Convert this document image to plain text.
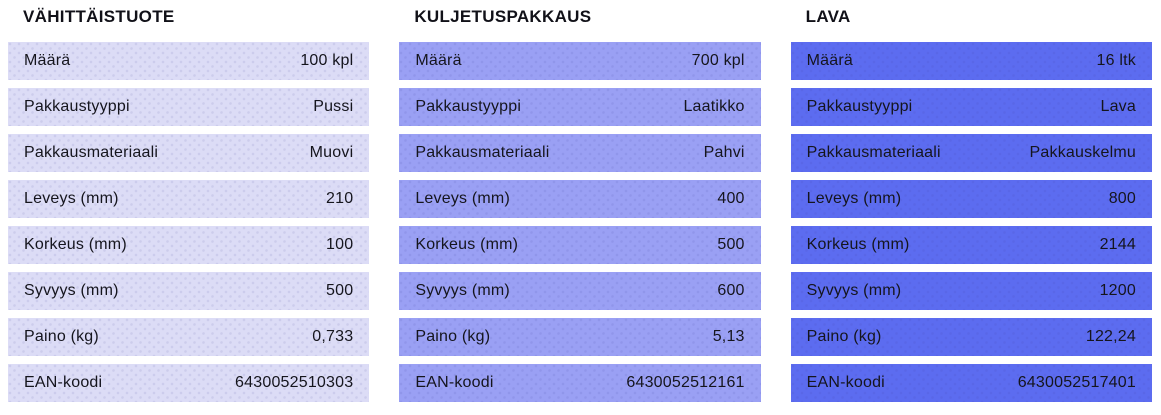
VÄHITTÄISTUOTE
Määrä	100 kpl
Pakkaustyyppi	Pussi
Pakkausmateriaali	Muovi
Leveys (mm)	210
Korkeus (mm)	100
Syvyys (mm)	500
Paino (kg)	0,733
EAN-koodi	6430052510303
KULJETUSPAKKAUS
Määrä	700 kpl
Pakkaustyyppi	Laatikko
Pakkausmateriaali	Pahvi
Leveys (mm)	400
Korkeus (mm)	500
Syvyys (mm)	600
Paino (kg)	5,13
EAN-koodi	6430052512161
LAVA
Määrä	16 ltk
Pakkaustyyppi	Lava
Pakkausmateriaali	Pakkauskelmu
Leveys (mm)	800
Korkeus (mm)	2144
Syvyys (mm)	1200
Paino (kg)	122,24
EAN-koodi	6430052517401
